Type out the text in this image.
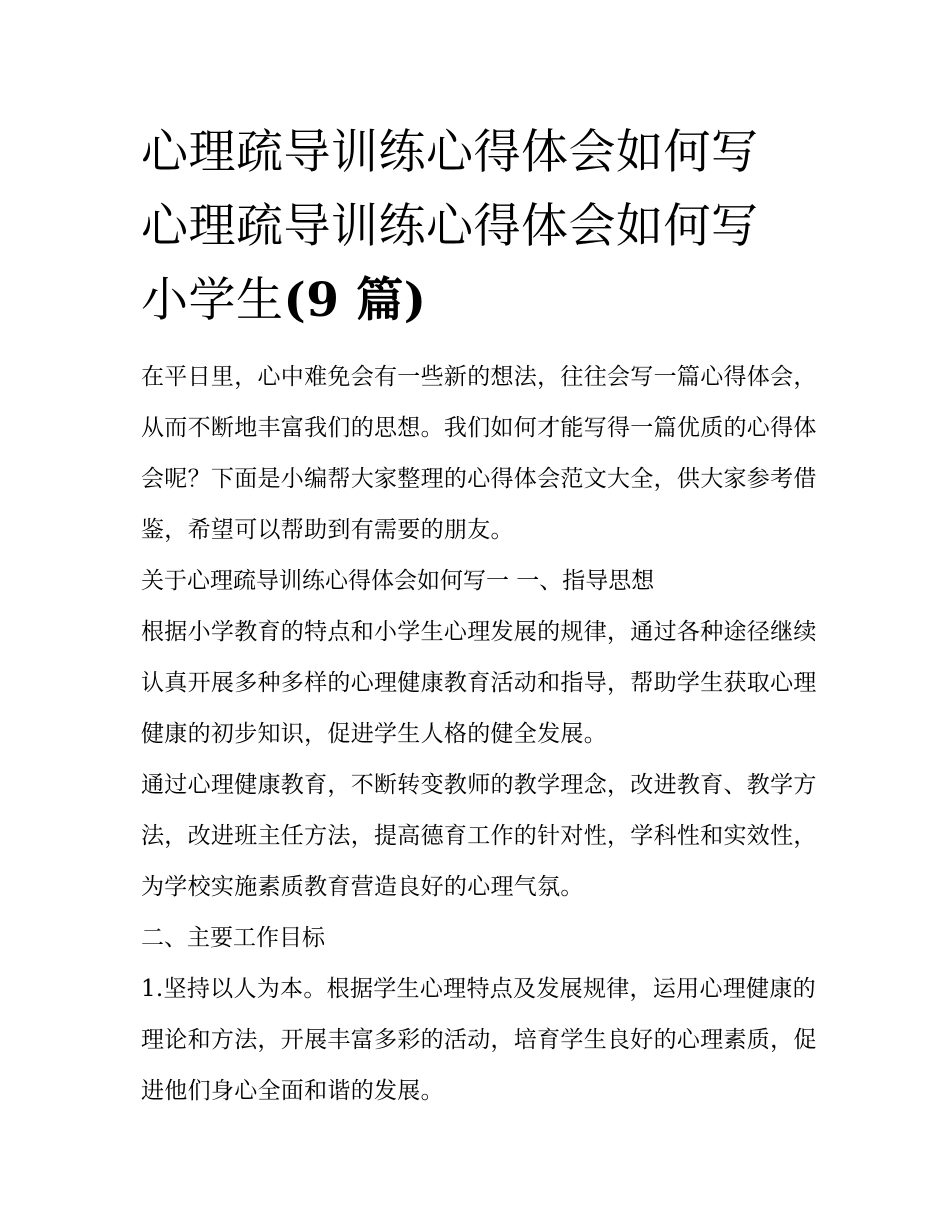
心理疏导训练心得体会如何写
心理疏导训练心得体会如何写
小学生(9 篇)

在平日里，心中难免会有一些新的想法，往往会写一篇心得体会，从而不断地丰富我们的思想。我们如何才能写得一篇优质的心得体会呢？下面是小编帮大家整理的心得体会范文大全，供大家参考借鉴，希望可以帮助到有需要的朋友。

关于心理疏导训练心得体会如何写一 一、指导思想

根据小学教育的特点和小学生心理发展的规律，通过各种途径继续认真开展多种多样的心理健康教育活动和指导，帮助学生获取心理健康的初步知识，促进学生人格的健全发展。

通过心理健康教育，不断转变教师的教学理念，改进教育、教学方法，改进班主任方法，提高德育工作的针对性，学科性和实效性，为学校实施素质教育营造良好的心理气氛。

二、主要工作目标

1.坚持以人为本。根据学生心理特点及发展规律，运用心理健康的理论和方法，开展丰富多彩的活动，培育学生良好的心理素质，促进他们身心全面和谐的发展。
